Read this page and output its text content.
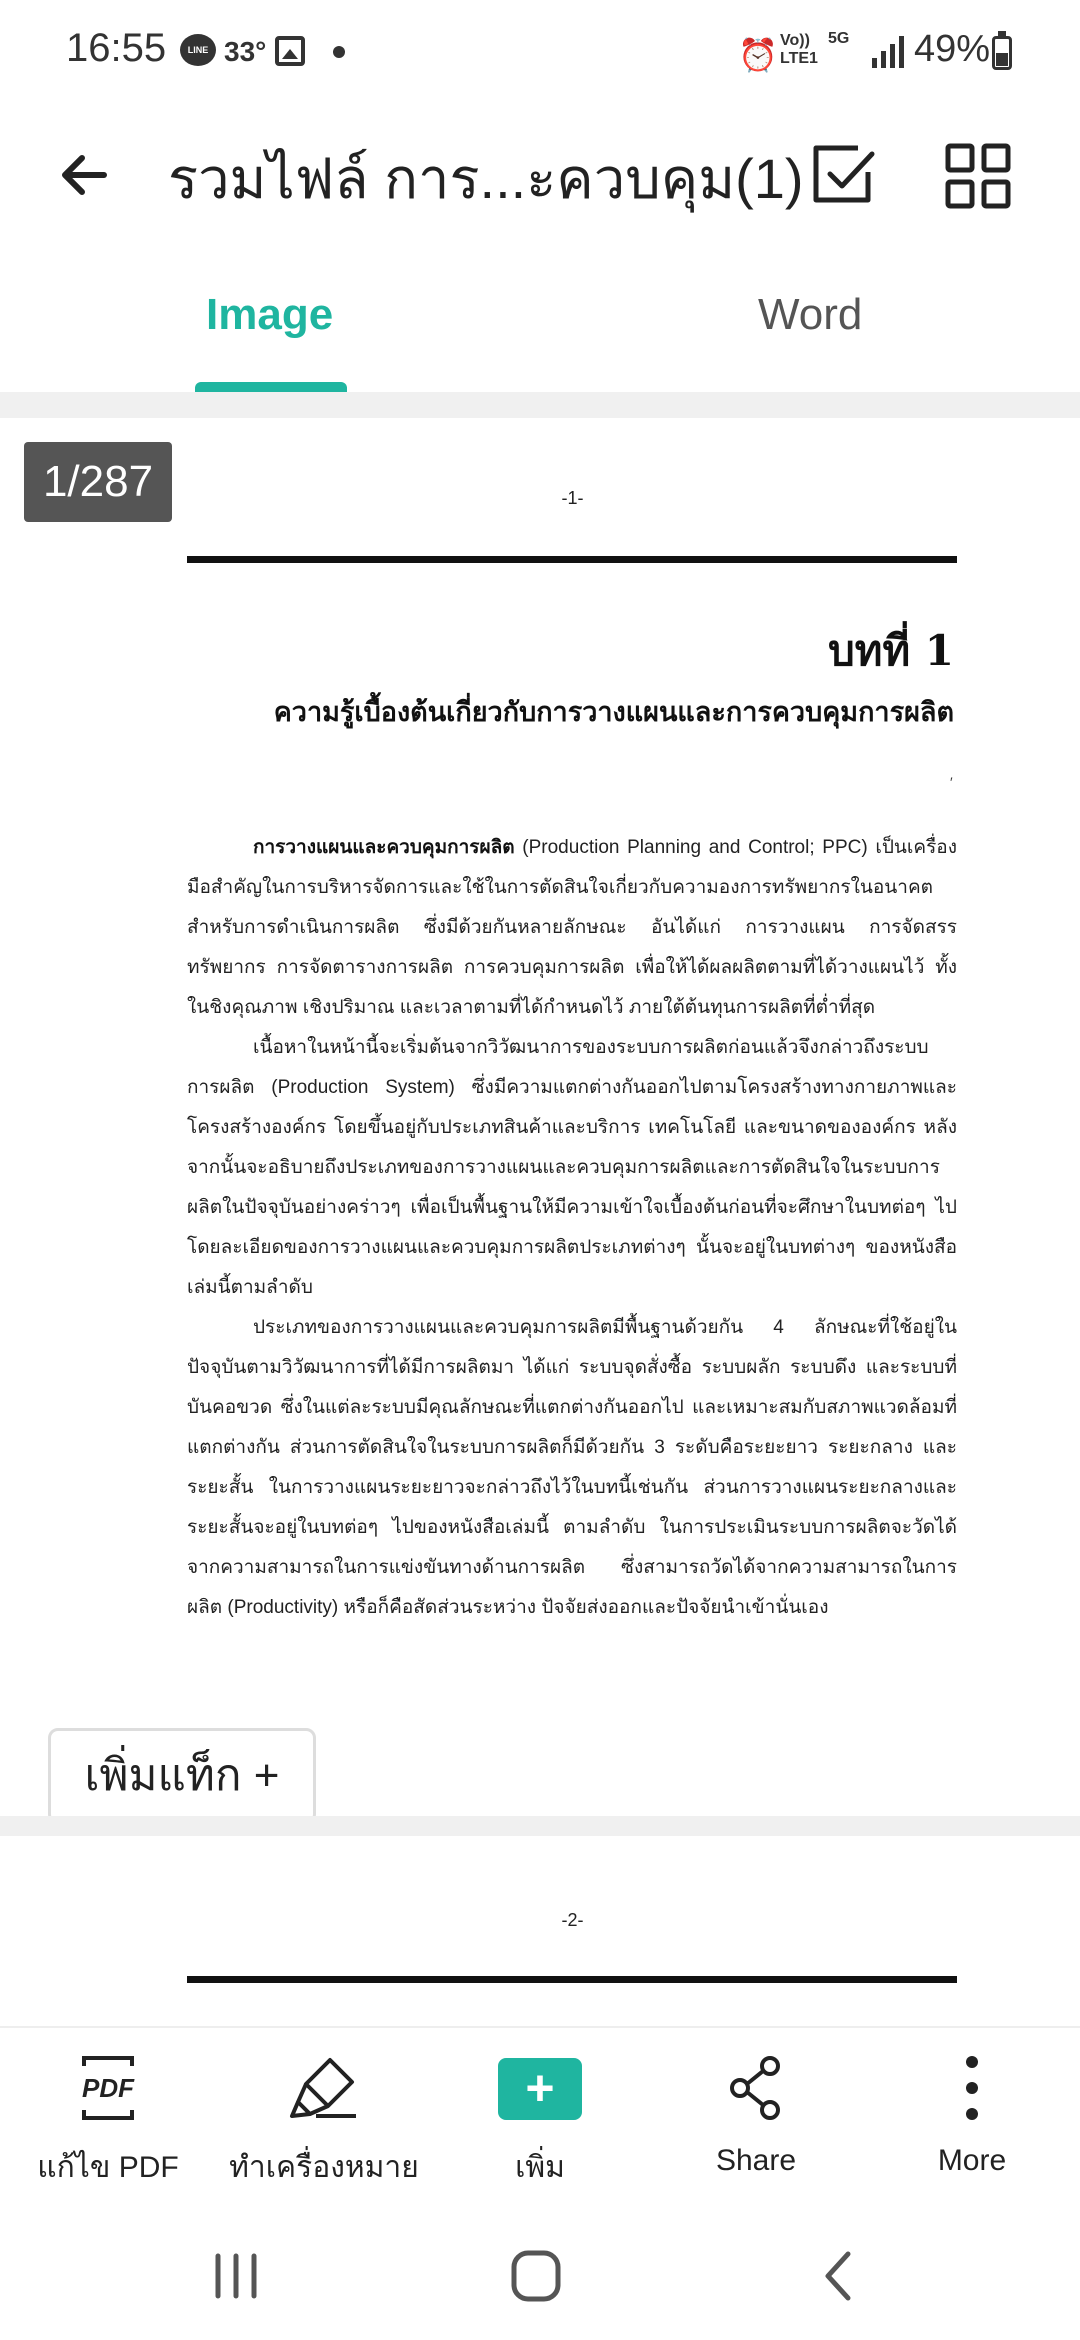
16:55	LINE 33°	⏰ Vo)) LTE1
5G 49%
รวมไฟล์ การ...ะควบคุม(1)
Image	Word
-1-
บทที่ 1
ความรู้เบื้องต้นเกี่ยวกับการวางแผนและการควบคุมการผลิต
′

การวางแผนและควบคุมการผลิต (Production Planning and Control; PPC) เป็นเครื่องมือสำคัญในการบริหารจัดการและใช้ในการตัดสินใจเกี่ยวกับความองการทรัพยากรในอนาคต สำหรับการดำเนินการผลิต ซึ่งมีด้วยกันหลายลักษณะ อันได้แก่ การวางแผน การจัดสรรทรัพยากร การจัดตารางการผลิต การควบคุมการผลิต เพื่อให้ได้ผลผลิตตามที่ได้วางแผนไว้ ทั้งในชิงคุณภาพ เชิงปริมาณ และเวลาตามที่ได้กำหนดไว้ ภายใต้ต้นทุนการผลิตที่ต่ำที่สุด

เนื้อหาในหน้านี้จะเริ่มต้นจากวิวัฒนาการของระบบการผลิตก่อนแล้วจึงกล่าวถึงระบบการผลิต (Production System) ซึ่งมีความแตกต่างกันออกไปตามโครงสร้างทางกายภาพและโครงสร้างองค์กร โดยขึ้นอยู่กับประเภทสินค้าและบริการ เทคโนโลยี และขนาดขององค์กร หลังจากนั้นจะอธิบายถึงประเภทของการวางแผนและควบคุมการผลิตและการตัดสินใจในระบบการผลิตในปัจจุบันอย่างคร่าวๆ เพื่อเป็นพื้นฐานให้มีความเข้าใจเบื้องต้นก่อนที่จะศึกษาในบทต่อๆ ไป โดยละเอียดของการวางแผนและควบคุมการผลิตประเภทต่างๆ นั้นจะอยู่ในบทต่างๆ ของหนังสือเล่มนี้ตามลำดับ

ประเภทของการวางแผนและควบคุมการผลิตมีพื้นฐานด้วยกัน 4 ลักษณะที่ใช้อยู่ในปัจจุบันตามวิวัฒนาการที่ได้มีการผลิตมา ได้แก่ ระบบจุดสั่งซื้อ ระบบผลัก ระบบดึง และระบบที่บันคอขวด ซึ่งในแต่ละระบบมีคุณลักษณะที่แตกต่างกันออกไป และเหมาะสมกับสภาพแวดล้อมที่แตกต่างกัน ส่วนการตัดสินใจในระบบการผลิตก็มีด้วยกัน 3 ระดับคือระยะยาว ระยะกลาง และระยะสั้น ในการวางแผนระยะยาวจะกล่าวถึงไว้ในบทนี้เช่นกัน ส่วนการวางแผนระยะกลางและระยะสั้นจะอยู่ในบทต่อๆ ไปของหนังสือเล่มนี้ ตามลำดับ ในการประเมินระบบการผลิตจะวัดได้จากความสามารถในการแข่งขันทางด้านการผลิต ซึ่งสามารถวัดได้จากความสามารถในการผลิต (Productivity) หรือก็คือสัดส่วนระหว่าง ปัจจัยส่งออกและปัจจัยนำเข้านั่นเอง

1/287
เพิ่มแท็ก +
-2-
PDF
แก้ไข PDF	ทำเครื่องหมาย
+
เพิ่ม	Share	More
